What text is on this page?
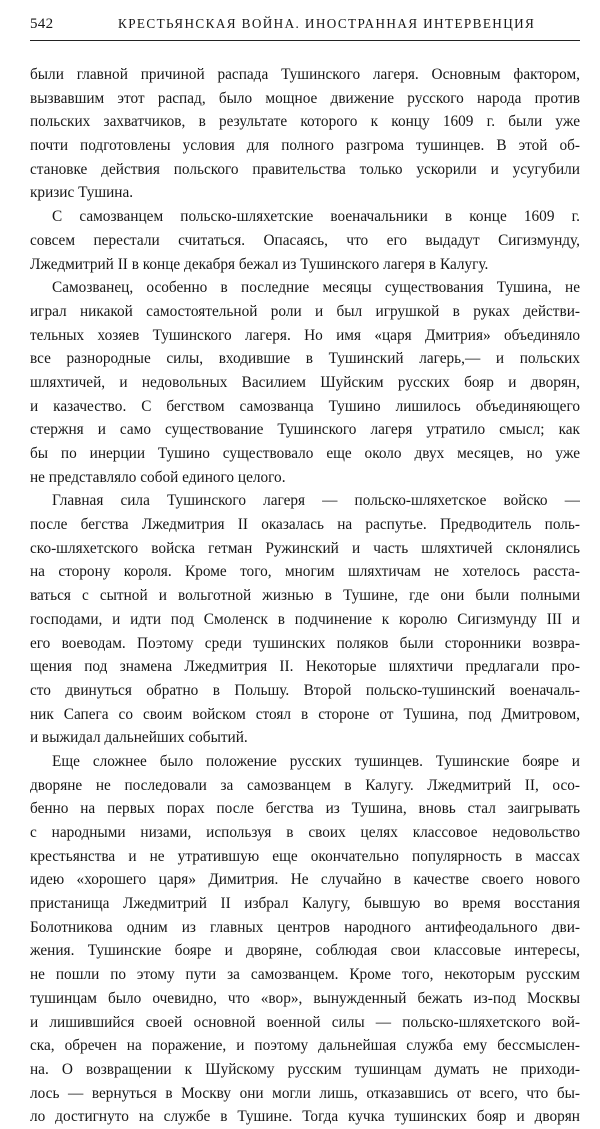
542	КРЕСТЬЯНСКАЯ ВОЙНА. ИНОСТРАННАЯ ИНТЕРВЕНЦИЯ
были главной причиной распада Тушинского лагеря. Основным фактором,
вызвавшим этот распад, было мощное движение русского народа против
польских захватчиков, в результате которого к концу 1609 г. были уже
почти подготовлены условия для полного разгрома тушинцев. В этой об-
становке действия польского правительства только ускорили и усугубили
кризис Тушина.
С самозванцем польско-шляхетские военачальники в конце 1609 г.
совсем перестали считаться. Опасаясь, что его выдадут Сигизмунду,
Лжедмитрий II в конце декабря бежал из Тушинского лагеря в Калугу.
Самозванец, особенно в последние месяцы существования Тушина, не
играл никакой самостоятельной роли и был игрушкой в руках действи-
тельных хозяев Тушинского лагеря. Но имя «царя Дмитрия» объединяло
все разнородные силы, входившие в Тушинский лагерь,— и польских
шляхтичей, и недовольных Василием Шуйским русских бояр и дворян,
и казачество. С бегством самозванца Тушино лишилось объединяющего
стержня и само существование Тушинского лагеря утратило смысл; как
бы по инерции Тушино существовало еще около двух месяцев, но уже
не представляло собой единого целого.
Главная сила Тушинского лагеря — польско-шляхетское войско —
после бегства Лжедмитрия II оказалась на распутье. Предводитель поль-
ско-шляхетского войска гетман Ружинский и часть шляхтичей склонялись
на сторону короля. Кроме того, многим шляхтичам не хотелось расста-
ваться с сытной и вольготной жизнью в Тушине, где они были полными
господами, и идти под Смоленск в подчинение к королю Сигизмунду III и
его воеводам. Поэтому среди тушинских поляков были сторонники возвра-
щения под знамена Лжедмитрия II. Некоторые шляхтичи предлагали про-
сто двинуться обратно в Польшу. Второй польско-тушинский военачаль-
ник Сапега со своим войском стоял в стороне от Тушина, под Дмитровом,
и выжидал дальнейших событий.
Еще сложнее было положение русских тушинцев. Тушинские бояре и
дворяне не последовали за самозванцем в Калугу. Лжедмитрий II, осо-
бенно на первых порах после бегства из Тушина, вновь стал заигрывать
с народными низами, используя в своих целях классовое недовольство
крестьянства и не утратившую еще окончательно популярность в массах
идею «хорошего царя» Димитрия. Не случайно в качестве своего нового
пристанища Лжедмитрий II избрал Калугу, бывшую во время восстания
Болотникова одним из главных центров народного антифеодального дви-
жения. Тушинские бояре и дворяне, соблюдая свои классовые интересы,
не пошли по этому пути за самозванцем. Кроме того, некоторым русским
тушинцам было очевидно, что «вор», вынужденный бежать из-под Москвы
и лишившийся своей основной военной силы — польско-шляхетского вой-
ска, обречен на поражение, и поэтому дальнейшая служба ему бессмыслен-
на. О возвращении к Шуйскому русским тушинцам думать не приходи-
лось — вернуться в Москву они могли лишь, отказавшись от всего, что бы-
ло достигнуто на службе в Тушине. Тогда кучка тушинских бояр и дворян
